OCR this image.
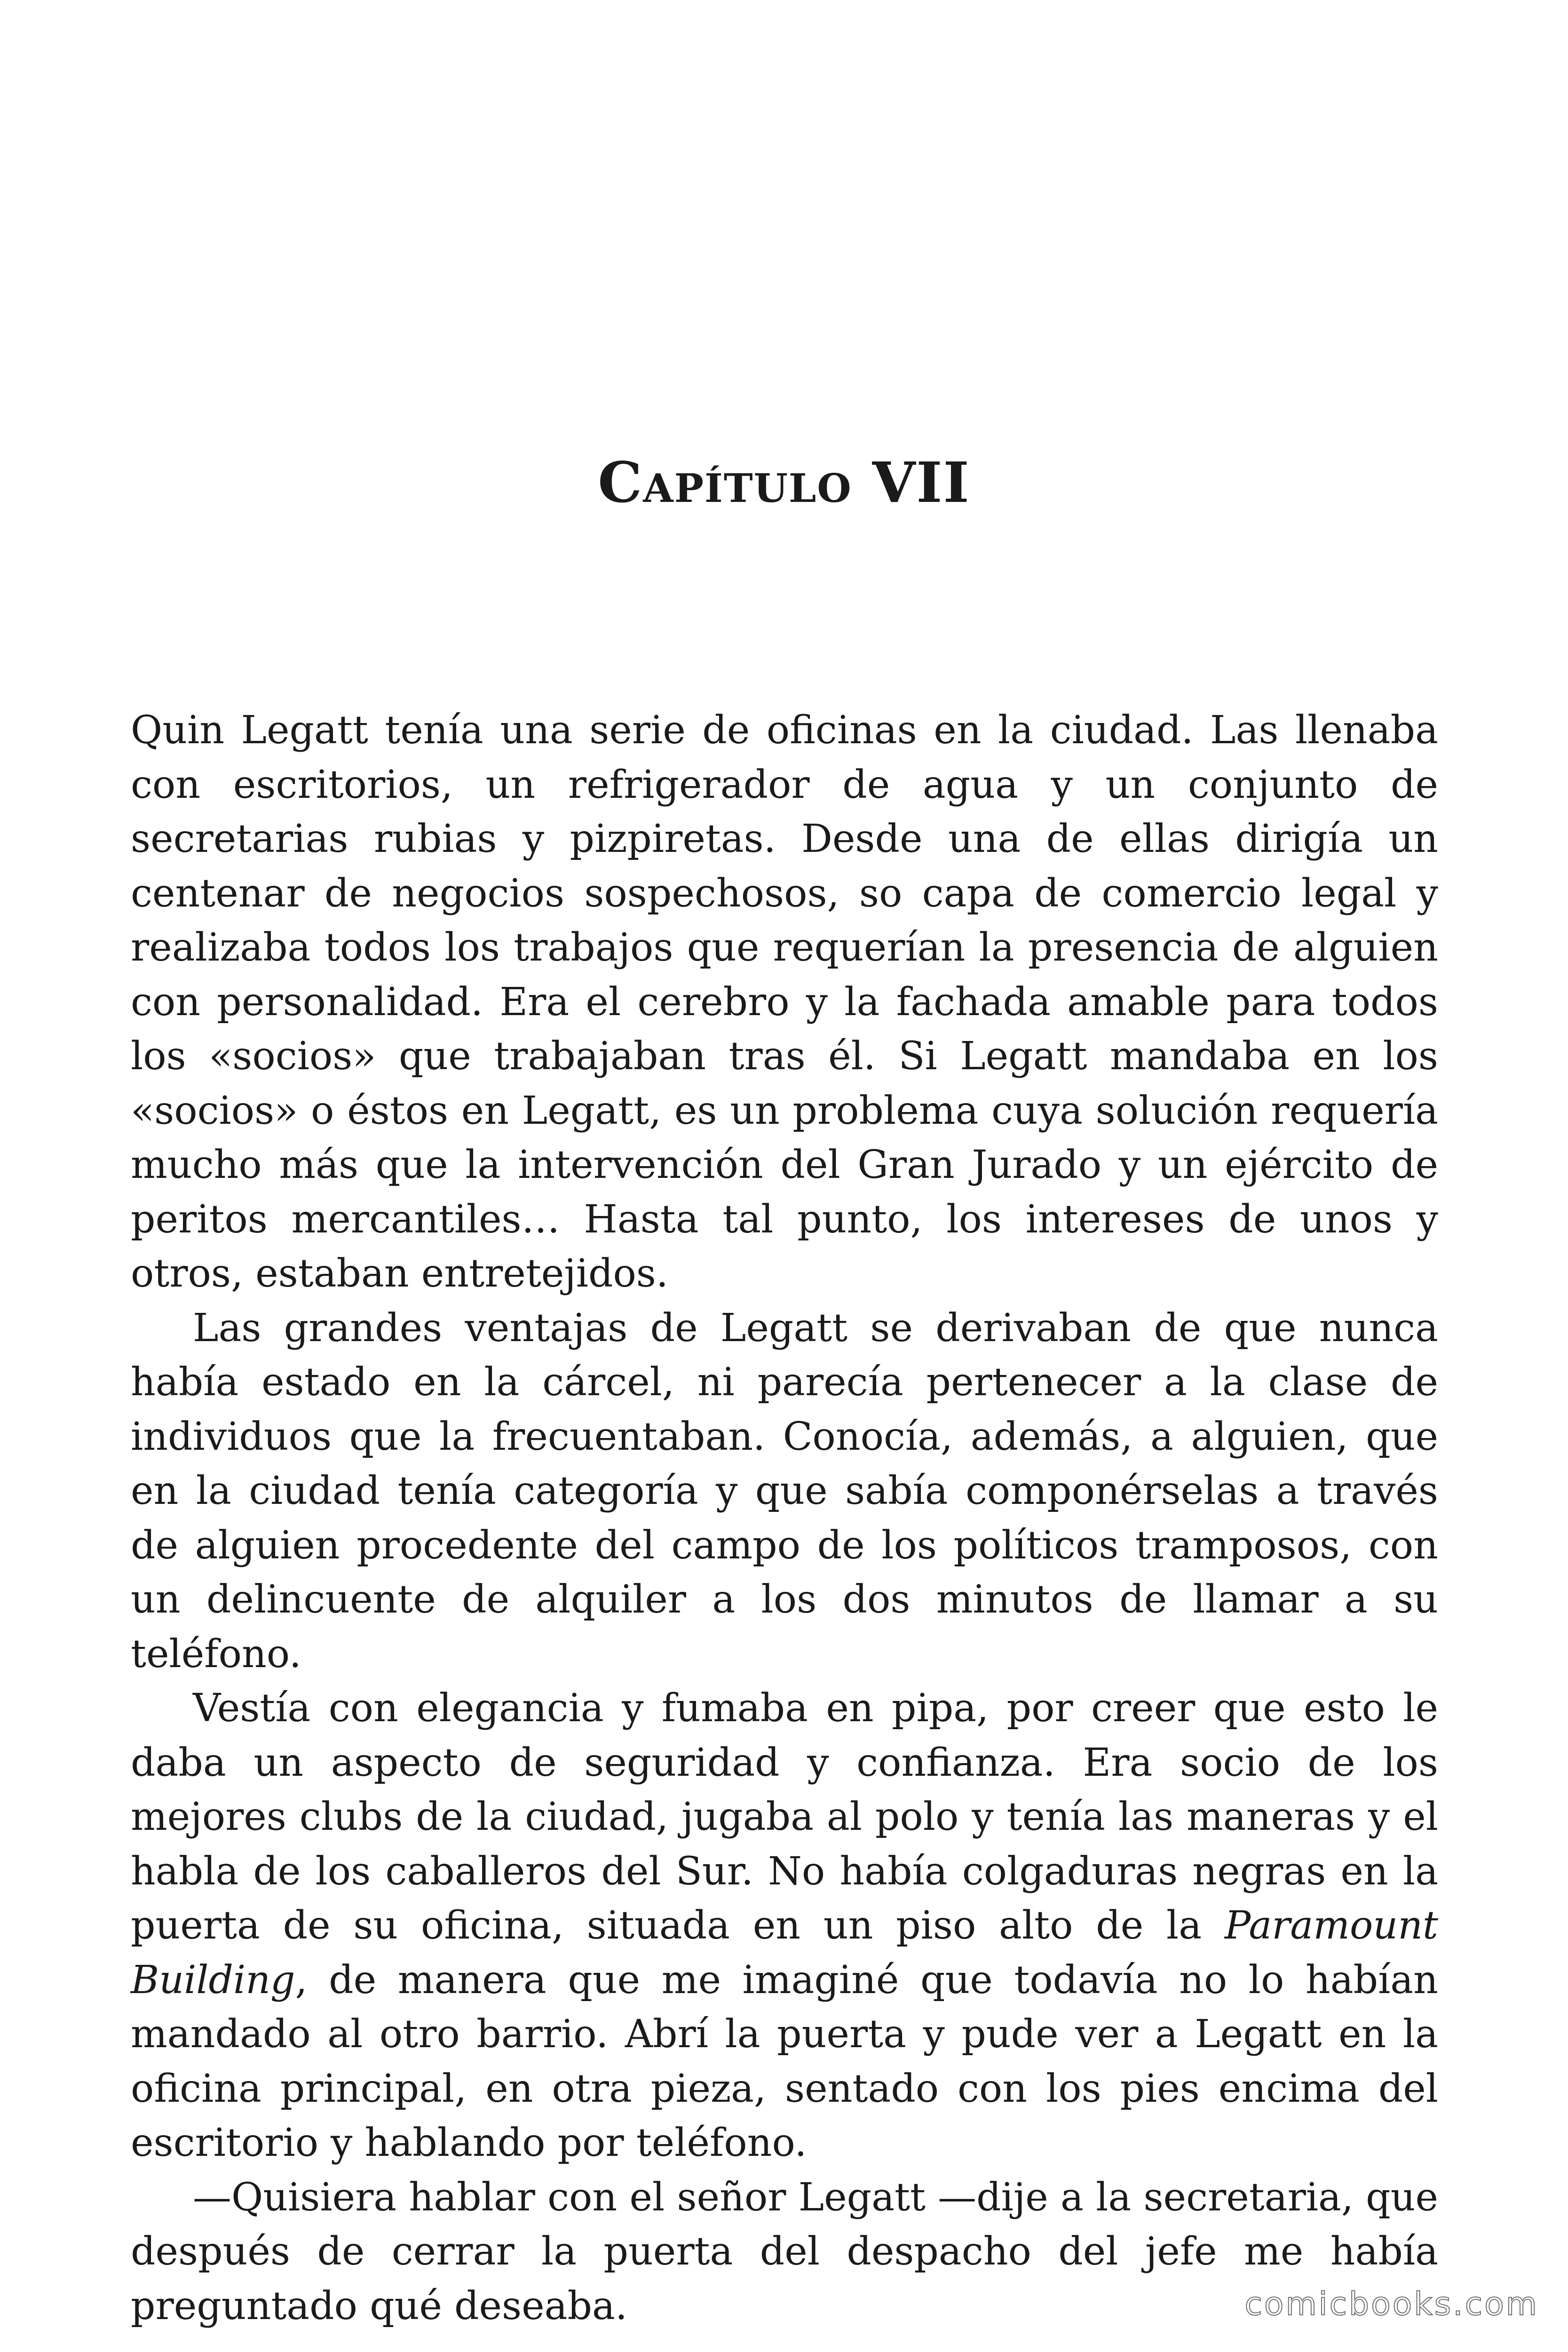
Capítulo VII

Quin Legatt tenía una serie de oficinas en la ciudad. Las llenaba con escritorios, un refrigerador de agua y un conjunto de secretarias rubias y pizpiretas. Desde una de ellas dirigía un centenar de negocios sospechosos, so capa de comercio legal y realizaba todos los trabajos que requerían la presencia de alguien con personalidad. Era el cerebro y la fachada amable para todos los «socios» que trabajaban tras él. Si Legatt mandaba en los «socios» o éstos en Legatt, es un problema cuya solución requería mucho más que la intervención del Gran Jurado y un ejército de peritos mercantiles… Hasta tal punto, los intereses de unos y otros, estaban entretejidos.

Las grandes ventajas de Legatt se derivaban de que nunca había estado en la cárcel, ni parecía pertenecer a la clase de individuos que la frecuentaban. Conocía, además, a alguien, que en la ciudad tenía categoría y que sabía componérselas a través de alguien procedente del campo de los políticos tramposos, con un delincuente de alquiler a los dos minutos de llamar a su teléfono.

Vestía con elegancia y fumaba en pipa, por creer que esto le daba un aspecto de seguridad y confianza. Era socio de los mejores clubs de la ciudad, jugaba al polo y tenía las maneras y el habla de los caballeros del Sur. No había colgaduras negras en la puerta de su oficina, situada en un piso alto de la Paramount Building, de manera que me imaginé que todavía no lo habían mandado al otro barrio. Abrí la puerta y pude ver a Legatt en la oficina principal, en otra pieza, sentado con los pies encima del escritorio y hablando por teléfono.

—Quisiera hablar con el señor Legatt —dije a la secretaria, que después de cerrar la puerta del despacho del jefe me había preguntado qué deseaba.	comicbooks.com
